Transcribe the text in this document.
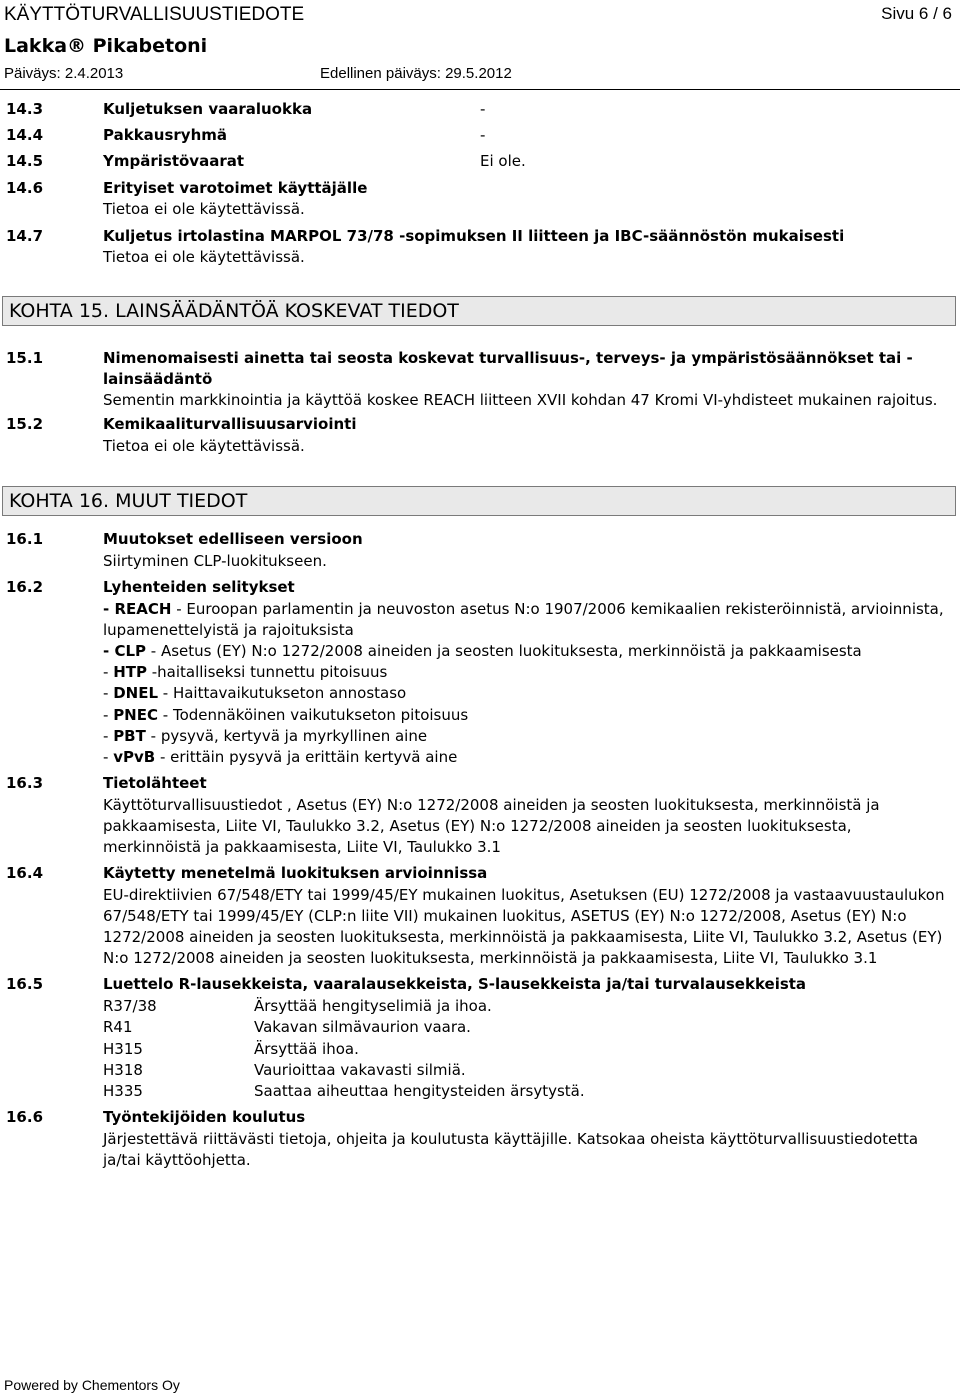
KÄYTTÖTURVALLISUUSTIEDOTE	Sivu 6 / 6
Lakka® Pikabetoni
Päiväys: 2.4.2013	Edellinen päiväys: 29.5.2012
14.3	Kuljetuksen vaaraluokka	-
14.4	Pakkausryhmä	-
14.5	Ympäristövaarat	Ei ole.
14.6	Erityiset varotoimet käyttäjälle
Tietoa ei ole käytettävissä.
14.7	Kuljetus irtolastina MARPOL 73/78 -sopimuksen II liitteen ja IBC-säännöstön mukaisesti
Tietoa ei ole käytettävissä.
KOHTA 15. LAINSÄÄDÄNTÖÄ KOSKEVAT TIEDOT
15.1	Nimenomaisesti ainetta tai seosta koskevat turvallisuus-, terveys- ja ympäristösäännökset tai -
lainsäädäntö
Sementin markkinointia ja käyttöä koskee REACH liitteen XVII kohdan 47 Kromi VI-yhdisteet mukainen rajoitus.
15.2	Kemikaaliturvallisuusarviointi
Tietoa ei ole käytettävissä.
KOHTA 16. MUUT TIEDOT
16.1	Muutokset edelliseen versioon
Siirtyminen CLP-luokitukseen.
16.2	Lyhenteiden selitykset
- REACH - Euroopan parlamentin ja neuvoston asetus N:o 1907/2006 kemikaalien rekisteröinnistä, arvioinnista,
lupamenettelyistä ja rajoituksista
- CLP - Asetus (EY) N:o 1272/2008 aineiden ja seosten luokituksesta, merkinnöistä ja pakkaamisesta
- HTP -haitalliseksi tunnettu pitoisuus
- DNEL - Haittavaikutukseton annostaso
- PNEC - Todennäköinen vaikutukseton pitoisuus
- PBT - pysyvä, kertyvä ja myrkyllinen aine
- vPvB - erittäin pysyvä ja erittäin kertyvä aine
16.3	Tietolähteet
Käyttöturvallisuustiedot , Asetus (EY) N:o 1272/2008 aineiden ja seosten luokituksesta, merkinnöistä ja
pakkaamisesta, Liite VI, Taulukko 3.2, Asetus (EY) N:o 1272/2008 aineiden ja seosten luokituksesta,
merkinnöistä ja pakkaamisesta, Liite VI, Taulukko 3.1
16.4	Käytetty menetelmä luokituksen arvioinnissa
EU-direktiivien 67/548/ETY tai 1999/45/EY mukainen luokitus, Asetuksen (EU) 1272/2008 ja vastaavuustaulukon
67/548/ETY tai 1999/45/EY (CLP:n liite VII) mukainen luokitus, ASETUS (EY) N:o 1272/2008, Asetus (EY) N:o
1272/2008 aineiden ja seosten luokituksesta, merkinnöistä ja pakkaamisesta, Liite VI, Taulukko 3.2, Asetus (EY)
N:o 1272/2008 aineiden ja seosten luokituksesta, merkinnöistä ja pakkaamisesta, Liite VI, Taulukko 3.1
16.5	Luettelo R-lausekkeista, vaaralausekkeista, S-lausekkeista ja/tai turvalausekkeista
R37/38	Ärsyttää hengityselimiä ja ihoa.
R41	Vakavan silmävaurion vaara.
H315	Ärsyttää ihoa.
H318	Vaurioittaa vakavasti silmiä.
H335	Saattaa aiheuttaa hengitysteiden ärsytystä.
16.6	Työntekijöiden koulutus
Järjestettävä riittävästi tietoja, ohjeita ja koulutusta käyttäjille. Katsokaa oheista käyttöturvallisuustiedotetta
ja/tai käyttöohjetta.
Powered by Chementors Oy
